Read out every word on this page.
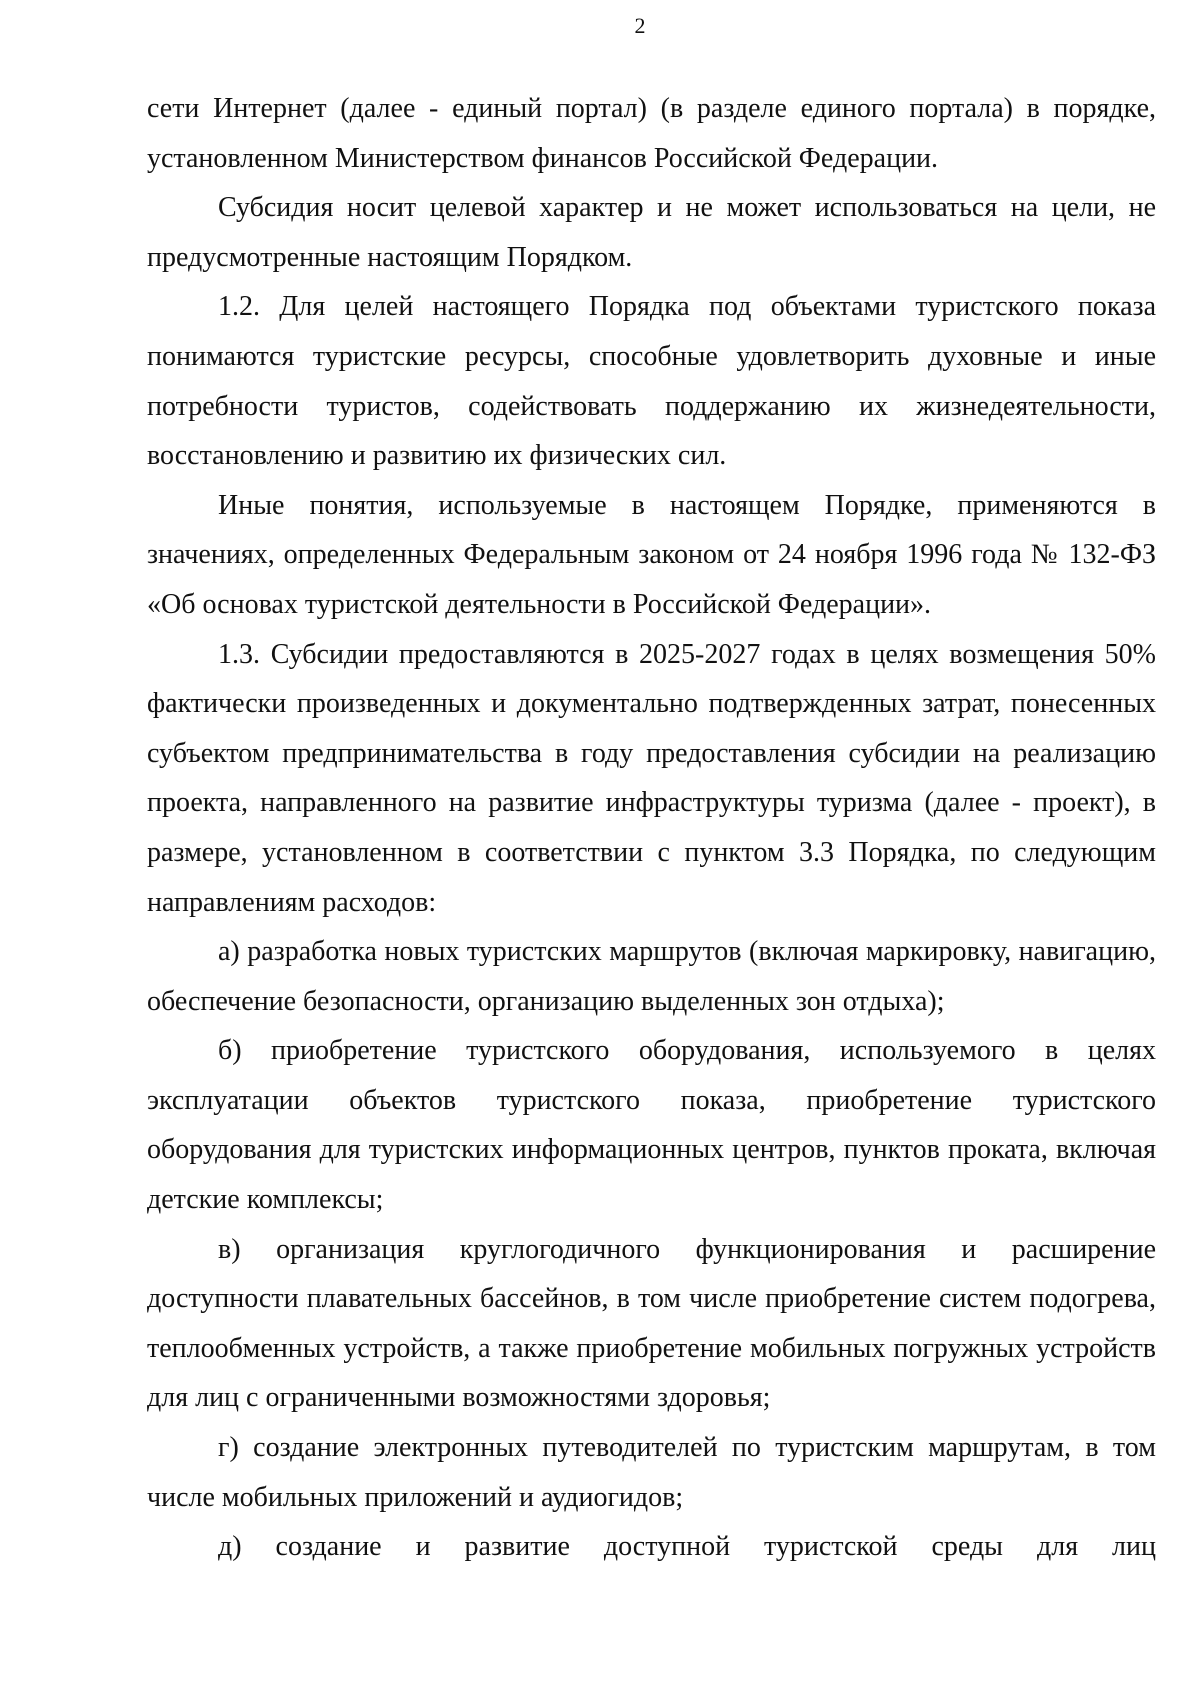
2

сети Интернет (далее - единый портал) (в разделе единого портала) в порядке, установленном Министерством финансов Российской Федерации.

Субсидия носит целевой характер и не может использоваться на цели, не предусмотренные настоящим Порядком.

1.2. Для целей настоящего Порядка под объектами туристского показа понимаются туристские ресурсы, способные удовлетворить духовные и иные потребности туристов, содействовать поддержанию их жизнедеятельности, восстановлению и развитию их физических сил.

Иные понятия, используемые в настоящем Порядке, применяются в значениях, определенных Федеральным законом от 24 ноября 1996 года № 132-ФЗ «Об основах туристской деятельности в Российской Федерации».

1.3. Субсидии предоставляются в 2025-2027 годах в целях возмещения 50% фактически произведенных и документально подтвержденных затрат, понесенных субъектом предпринимательства в году предоставления субсидии на реализацию проекта, направленного на развитие инфраструктуры туризма (далее - проект), в размере, установленном в соответствии с пунктом 3.3 Порядка, по следующим направлениям расходов:

а) разработка новых туристских маршрутов (включая маркировку, навигацию, обеспечение безопасности, организацию выделенных зон отдыха);

б) приобретение туристского оборудования, используемого в целях эксплуатации объектов туристского показа, приобретение туристского оборудования для туристских информационных центров, пунктов проката, включая детские комплексы;

в) организация круглогодичного функционирования и расширение доступности плавательных бассейнов, в том числе приобретение систем подогрева, теплообменных устройств, а также приобретение мобильных погружных устройств для лиц с ограниченными возможностями здоровья;

г) создание электронных путеводителей по туристским маршрутам, в том числе мобильных приложений и аудиогидов;

д) создание и развитие доступной туристской среды для лиц
